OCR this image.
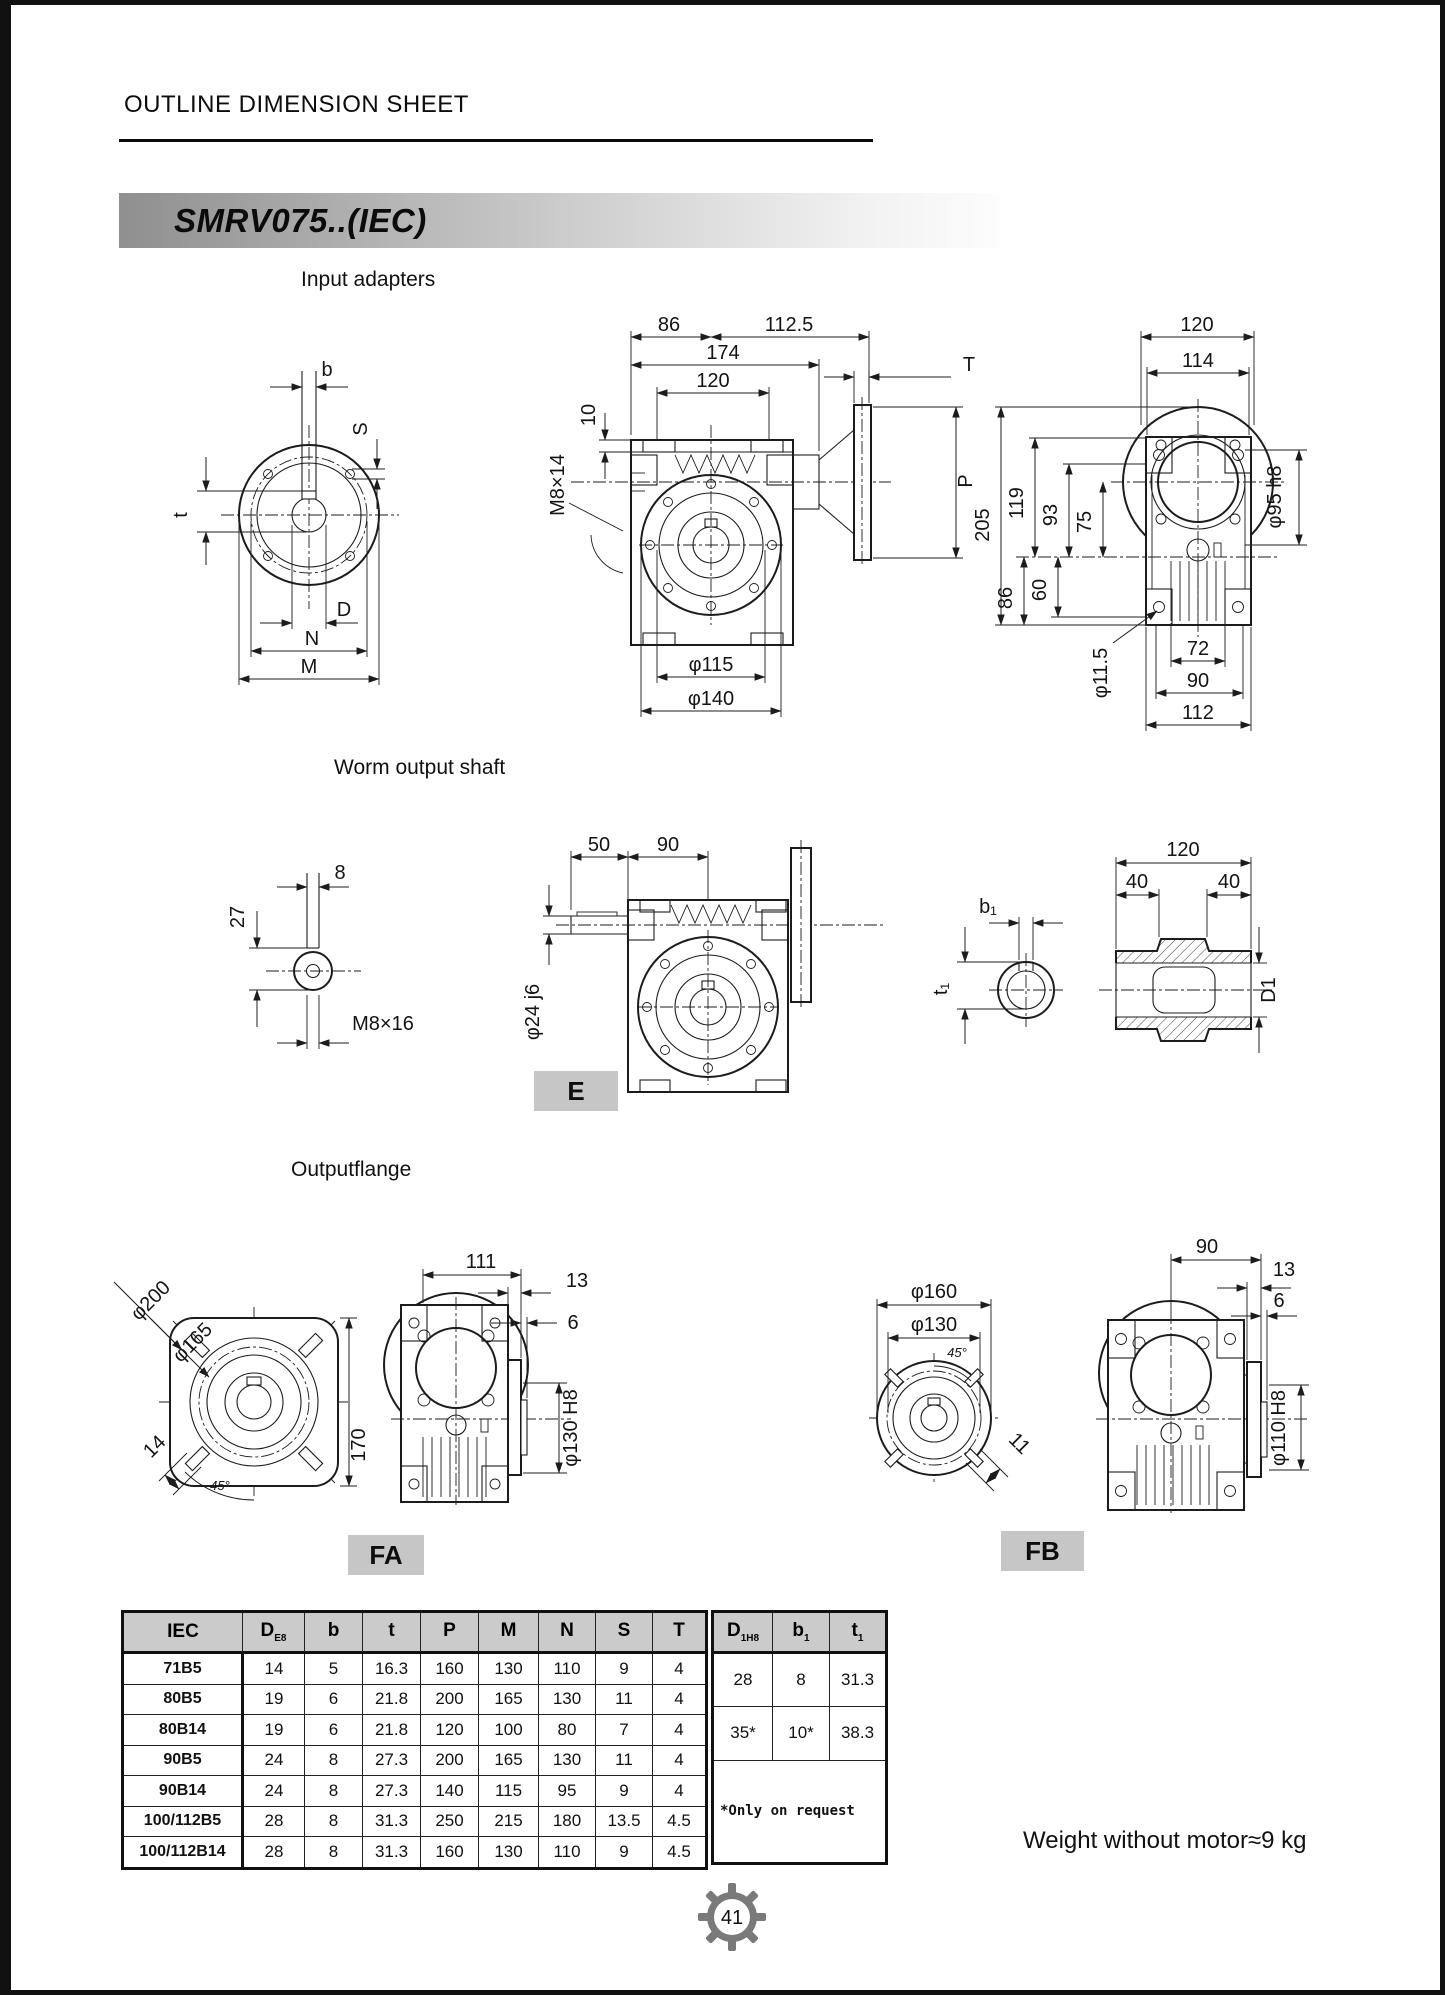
OUTLINE DIMENSION SHEET
SMRV075..(IEC)
Input adapters
Worm output shaft
Outputflange
b
S
t
D
N
M
86	112.5
174
120
10
M8×14
T
P
φ115
φ140
120
114
205
119 93 75
60
86
φ95 h8
φ11.5	72
90
112
8
27
M8×16
50 90
φ24 j6
b₁
t₁
120
40	40
D1
φ200
φ165
14
45°
170
111
13
6
φ130 H8
φ160
φ130
45°
11
90
13
6
φ110 H8
E
FA	FB
IEC	$D_{E8}$	b	t	P	M	N	S	T
71B5	14	5	16.3	160	130	110	9	4
80B5	19	6	21.8	200	165	130	11	4
80B14	19	6	21.8	120	100	80	7	4
90B5	24	8	27.3	200	165	130	11	4
90B14	24	8	27.3	140	115	95	9	4
100/112B5	28	8	31.3	250	215	180	13.5	4.5
100/112B14	28	8	31.3	160	130	110	9	4.5
$D_{1H8}$	$b_1$	$t_1$
28	8	31.3
35*	10*	38.3

*Only on request		
Weight without motor≈9 kg
41
